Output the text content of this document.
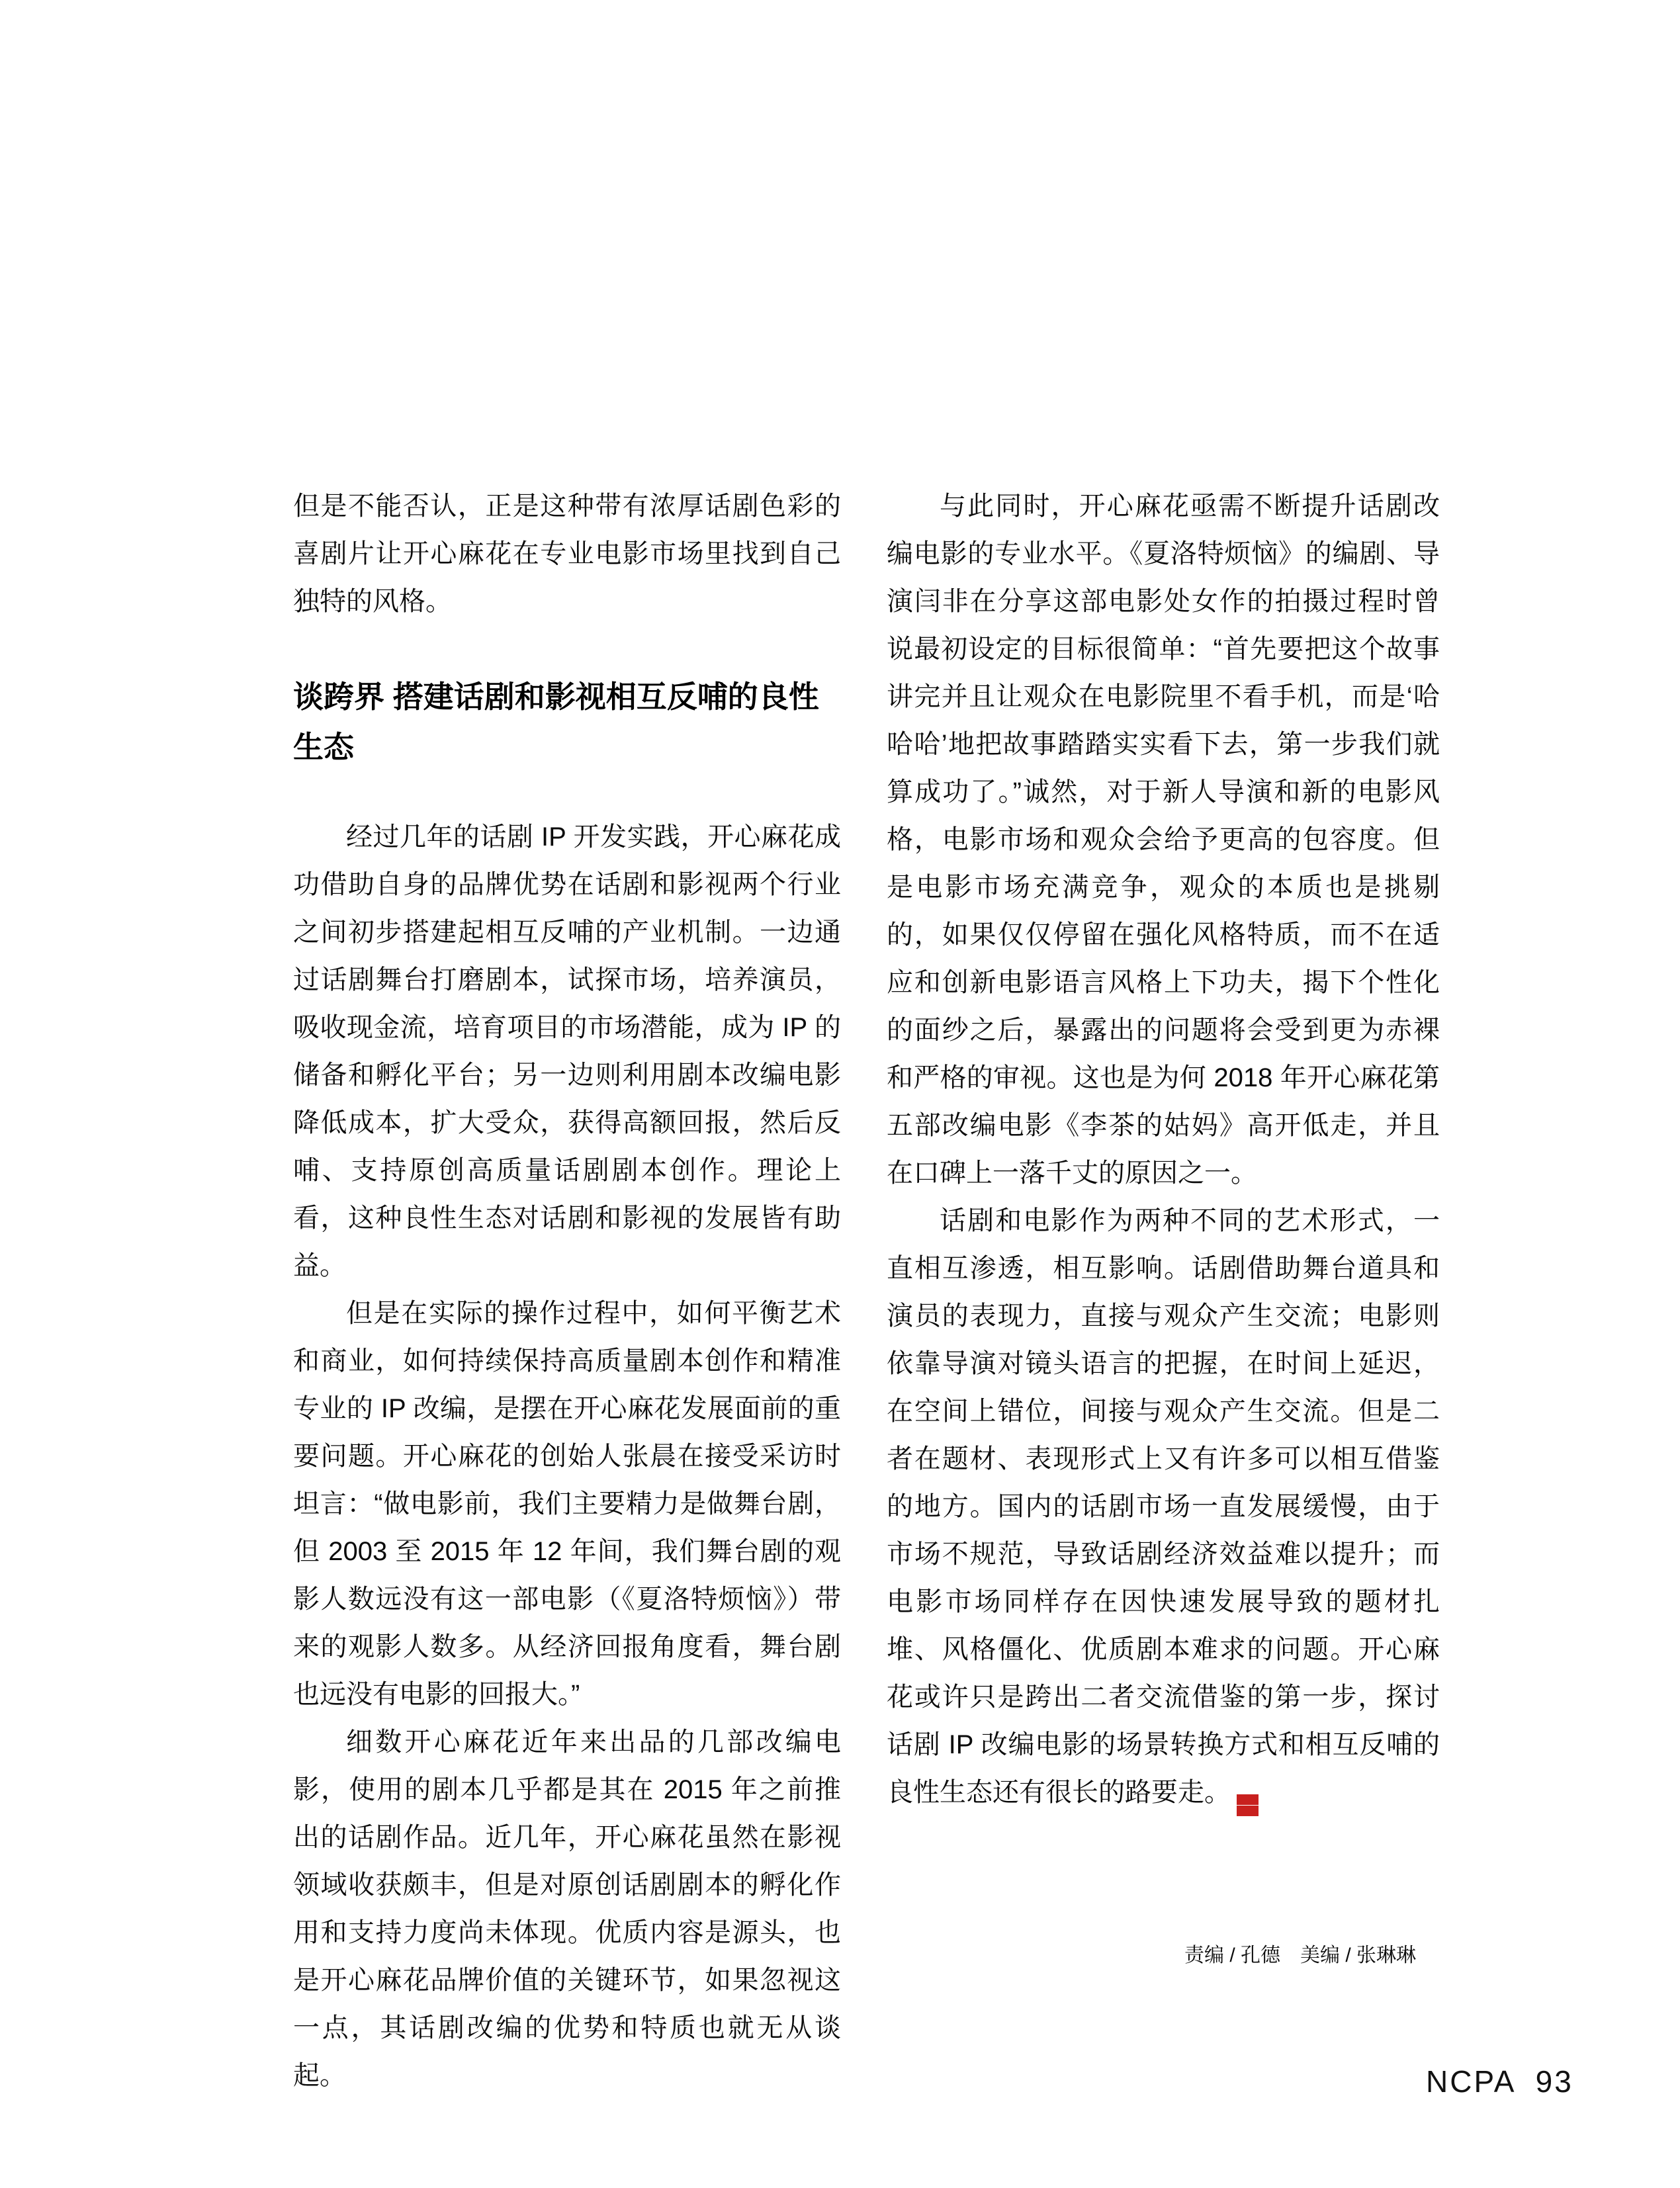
但是不能否认，正是这种带有浓厚话剧色彩的喜剧片让开心麻花在专业电影市场里找到自己独特的风格。

谈跨界 搭建话剧和影视相互反哺的良性生态

经过几年的话剧 IP 开发实践，开心麻花成功借助自身的品牌优势在话剧和影视两个行业之间初步搭建起相互反哺的产业机制。一边通过话剧舞台打磨剧本，试探市场，培养演员，吸收现金流，培育项目的市场潜能，成为 IP 的储备和孵化平台；另一边则利用剧本改编电影降低成本，扩大受众，获得高额回报，然后反哺、支持原创高质量话剧剧本创作。理论上看，这种良性生态对话剧和影视的发展皆有助益。

但是在实际的操作过程中，如何平衡艺术和商业，如何持续保持高质量剧本创作和精准专业的 IP 改编，是摆在开心麻花发展面前的重要问题。开心麻花的创始人张晨在接受采访时坦言：“做电影前，我们主要精力是做舞台剧，但 2003 至 2015 年 12 年间，我们舞台剧的观影人数远没有这一部电影（《夏洛特烦恼》）带来的观影人数多。从经济回报角度看，舞台剧也远没有电影的回报大。”

细数开心麻花近年来出品的几部改编电影，使用的剧本几乎都是其在 2015 年之前推出的话剧作品。近几年，开心麻花虽然在影视领域收获颇丰，但是对原创话剧剧本的孵化作用和支持力度尚未体现。优质内容是源头，也是开心麻花品牌价值的关键环节，如果忽视这一点，其话剧改编的优势和特质也就无从谈起。

与此同时，开心麻花亟需不断提升话剧改编电影的专业水平。《夏洛特烦恼》的编剧、导演闫非在分享这部电影处女作的拍摄过程时曾说最初设定的目标很简单：“首先要把这个故事讲完并且让观众在电影院里不看手机，而是‘哈哈哈’地把故事踏踏实实看下去，第一步我们就算成功了。”诚然，对于新人导演和新的电影风格，电影市场和观众会给予更高的包容度。但是电影市场充满竞争，观众的本质也是挑剔的，如果仅仅停留在强化风格特质，而不在适应和创新电影语言风格上下功夫，揭下个性化的面纱之后，暴露出的问题将会受到更为赤裸和严格的审视。这也是为何 2018 年开心麻花第五部改编电影《李茶的姑妈》高开低走，并且在口碑上一落千丈的原因之一。

话剧和电影作为两种不同的艺术形式，一直相互渗透，相互影响。话剧借助舞台道具和演员的表现力，直接与观众产生交流；电影则依靠导演对镜头语言的把握，在时间上延迟，在空间上错位，间接与观众产生交流。但是二者在题材、表现形式上又有许多可以相互借鉴的地方。国内的话剧市场一直发展缓慢，由于市场不规范，导致话剧经济效益难以提升；而电影市场同样存在因快速发展导致的题材扎堆、风格僵化、优质剧本难求的问题。开心麻花或许只是跨出二者交流借鉴的第一步，探讨话剧 IP 改编电影的场景转换方式和相互反哺的良性生态还有很长的路要走。 $\frac{NC}{PA}$

责编 / 孔德　美编 / 张琳琳
NCPA 93
